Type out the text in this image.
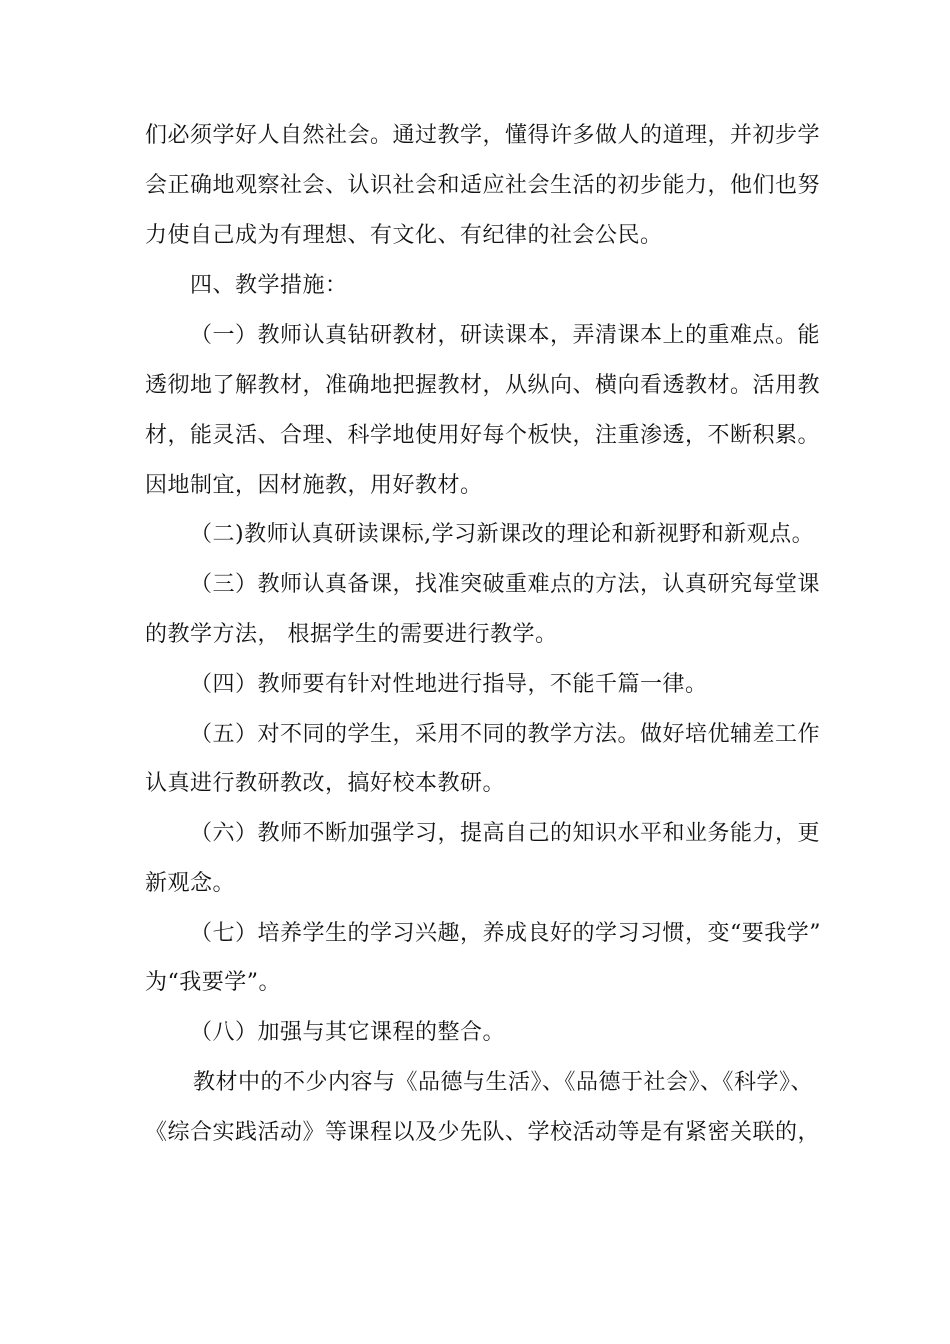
们必须学好人自然社会。通过教学，懂得许多做人的道理，并初步学
会正确地观察社会、认识社会和适应社会生活的初步能力，他们也努
力使自己成为有理想、有文化、有纪律的社会公民。
四、教学措施：
（一）教师认真钻研教材，研读课本，弄清课本上的重难点。能
透彻地了解教材，准确地把握教材，从纵向、横向看透教材。活用教
材，能灵活、合理、科学地使用好每个板快，注重渗透，不断积累。
因地制宜，因材施教，用好教材。
（二)教师认真研读课标,学习新课改的理论和新视野和新观点。
（三）教师认真备课，找准突破重难点的方法，认真研究每堂课
的教学方法， 根据学生的需要进行教学。
（四）教师要有针对性地进行指导，不能千篇一律。
（五）对不同的学生，采用不同的教学方法。做好培优辅差工作
认真进行教研教改，搞好校本教研。
（六）教师不断加强学习，提高自己的知识水平和业务能力，更
新观念。
（七）培养学生的学习兴趣，养成良好的学习习惯，变“要我学”
为“我要学”。
（八）加强与其它课程的整合。
教材中的不少内容与《品德与生活》、《品德于社会》、《科学》、
《综合实践活动》等课程以及少先队、学校活动等是有紧密关联的，
